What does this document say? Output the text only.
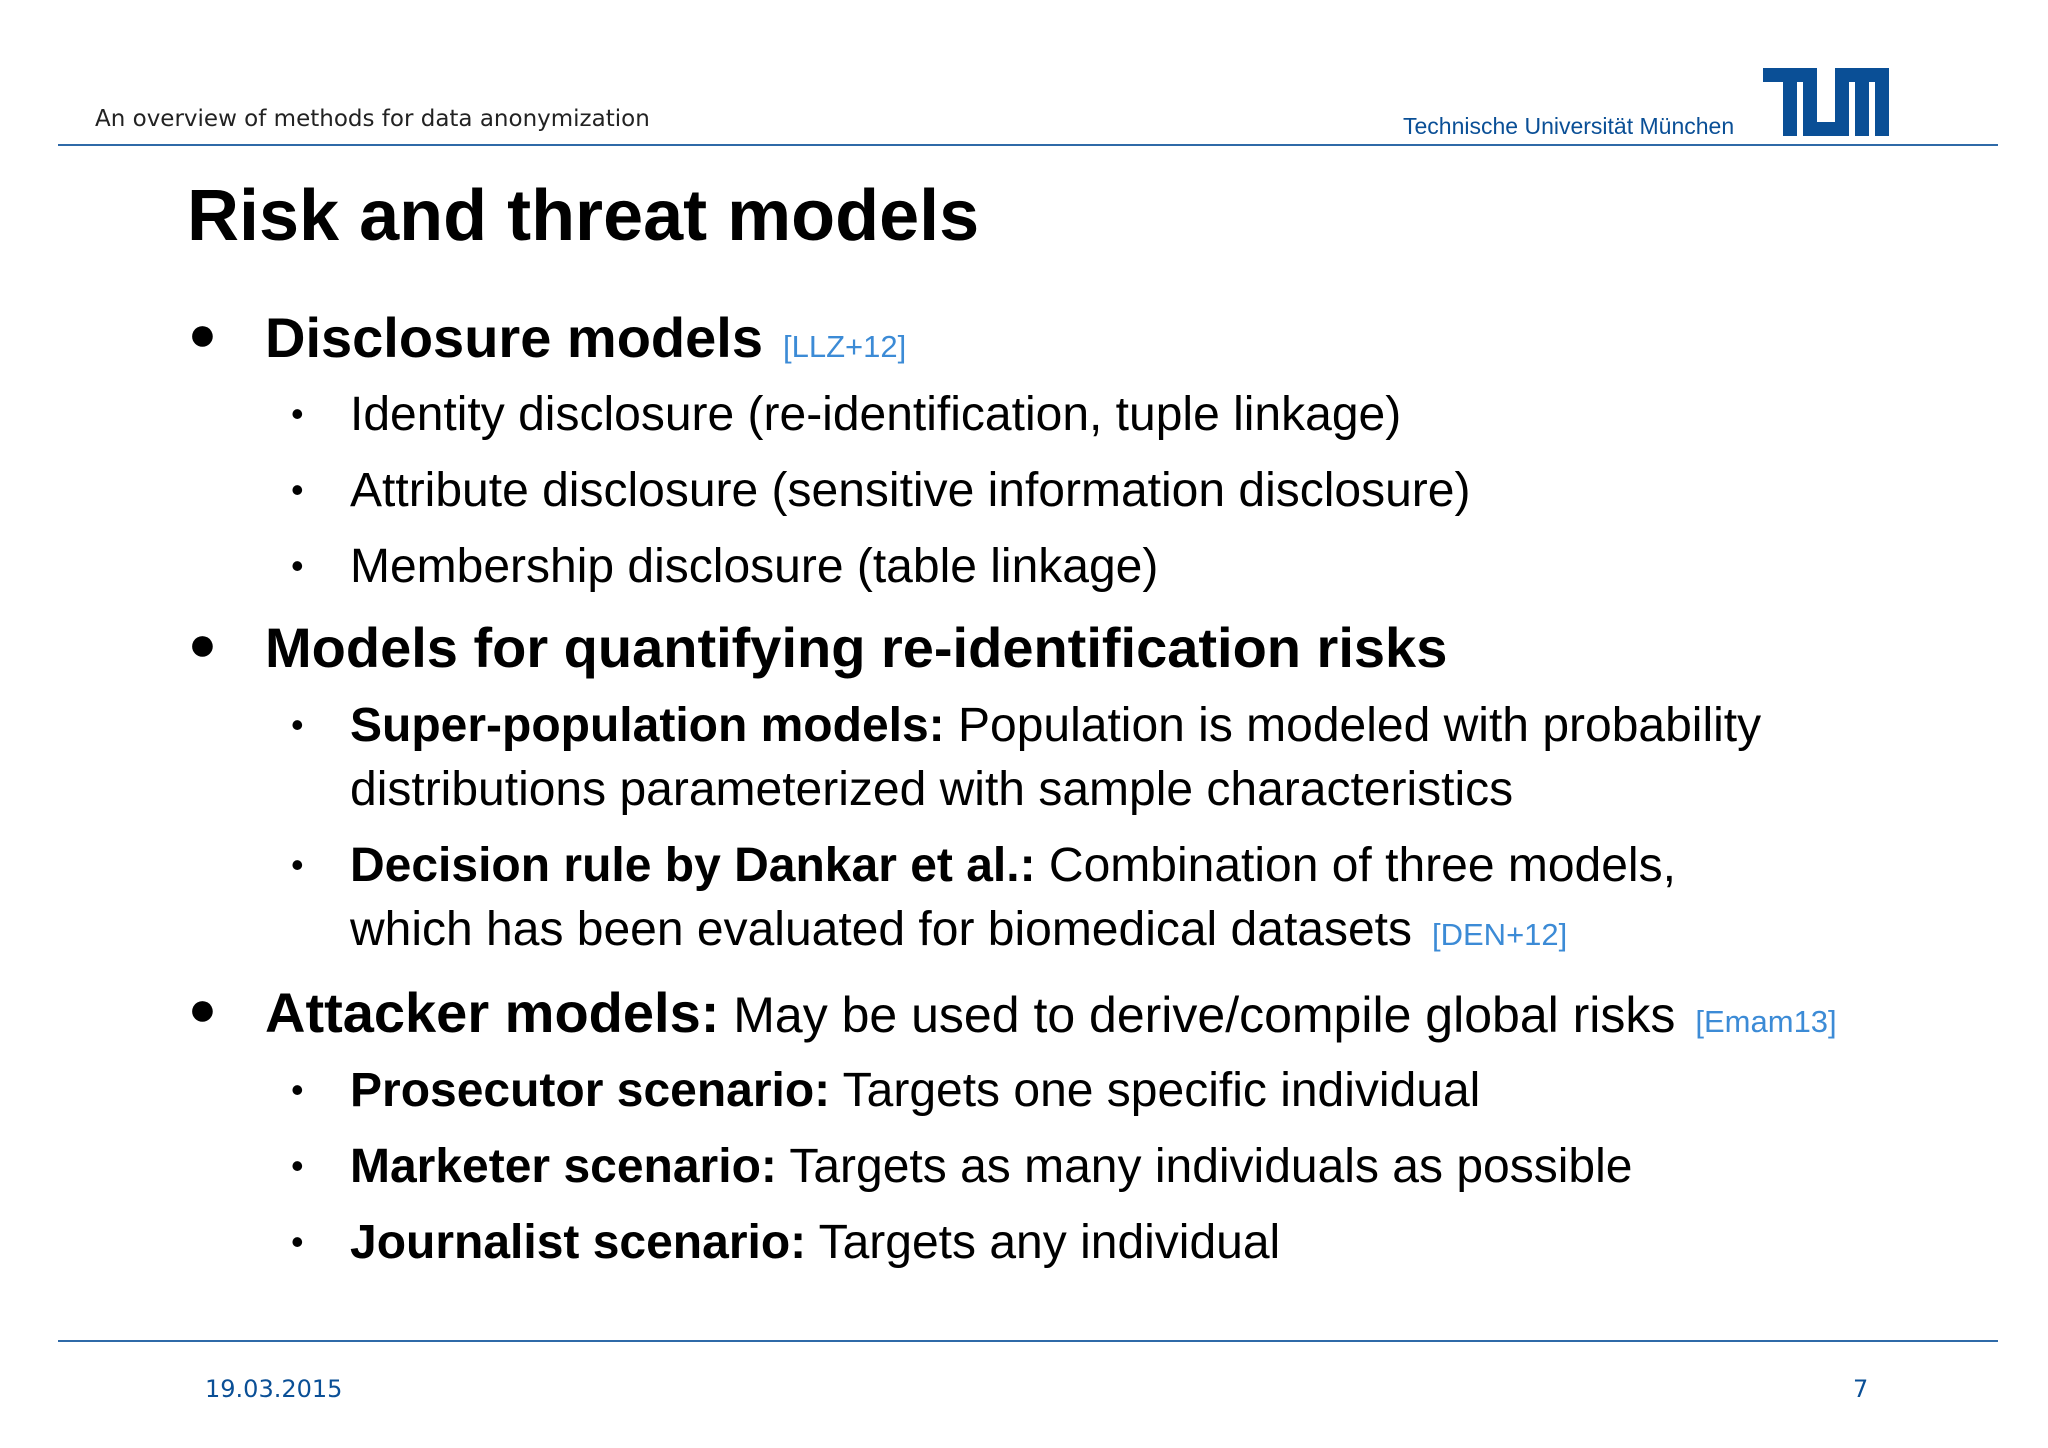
An overview of methods for data anonymization	Technische Universität München
Risk and threat models
● Disclosure models [LLZ+12]
• Identity disclosure (re-identification, tuple linkage)
• Attribute disclosure (sensitive information disclosure)
• Membership disclosure (table linkage)
● Models for quantifying re-identification risks
• Super-population models: Population is modeled with probability
distributions parameterized with sample characteristics
• Decision rule by Dankar et al.: Combination of three models,
which has been evaluated for biomedical datasets [DEN+12]
● Attacker models: May be used to derive/compile global risks [Emam13]
• Prosecutor scenario: Targets one specific individual
• Marketer scenario: Targets as many individuals as possible
• Journalist scenario: Targets any individual
19.03.2015	7
